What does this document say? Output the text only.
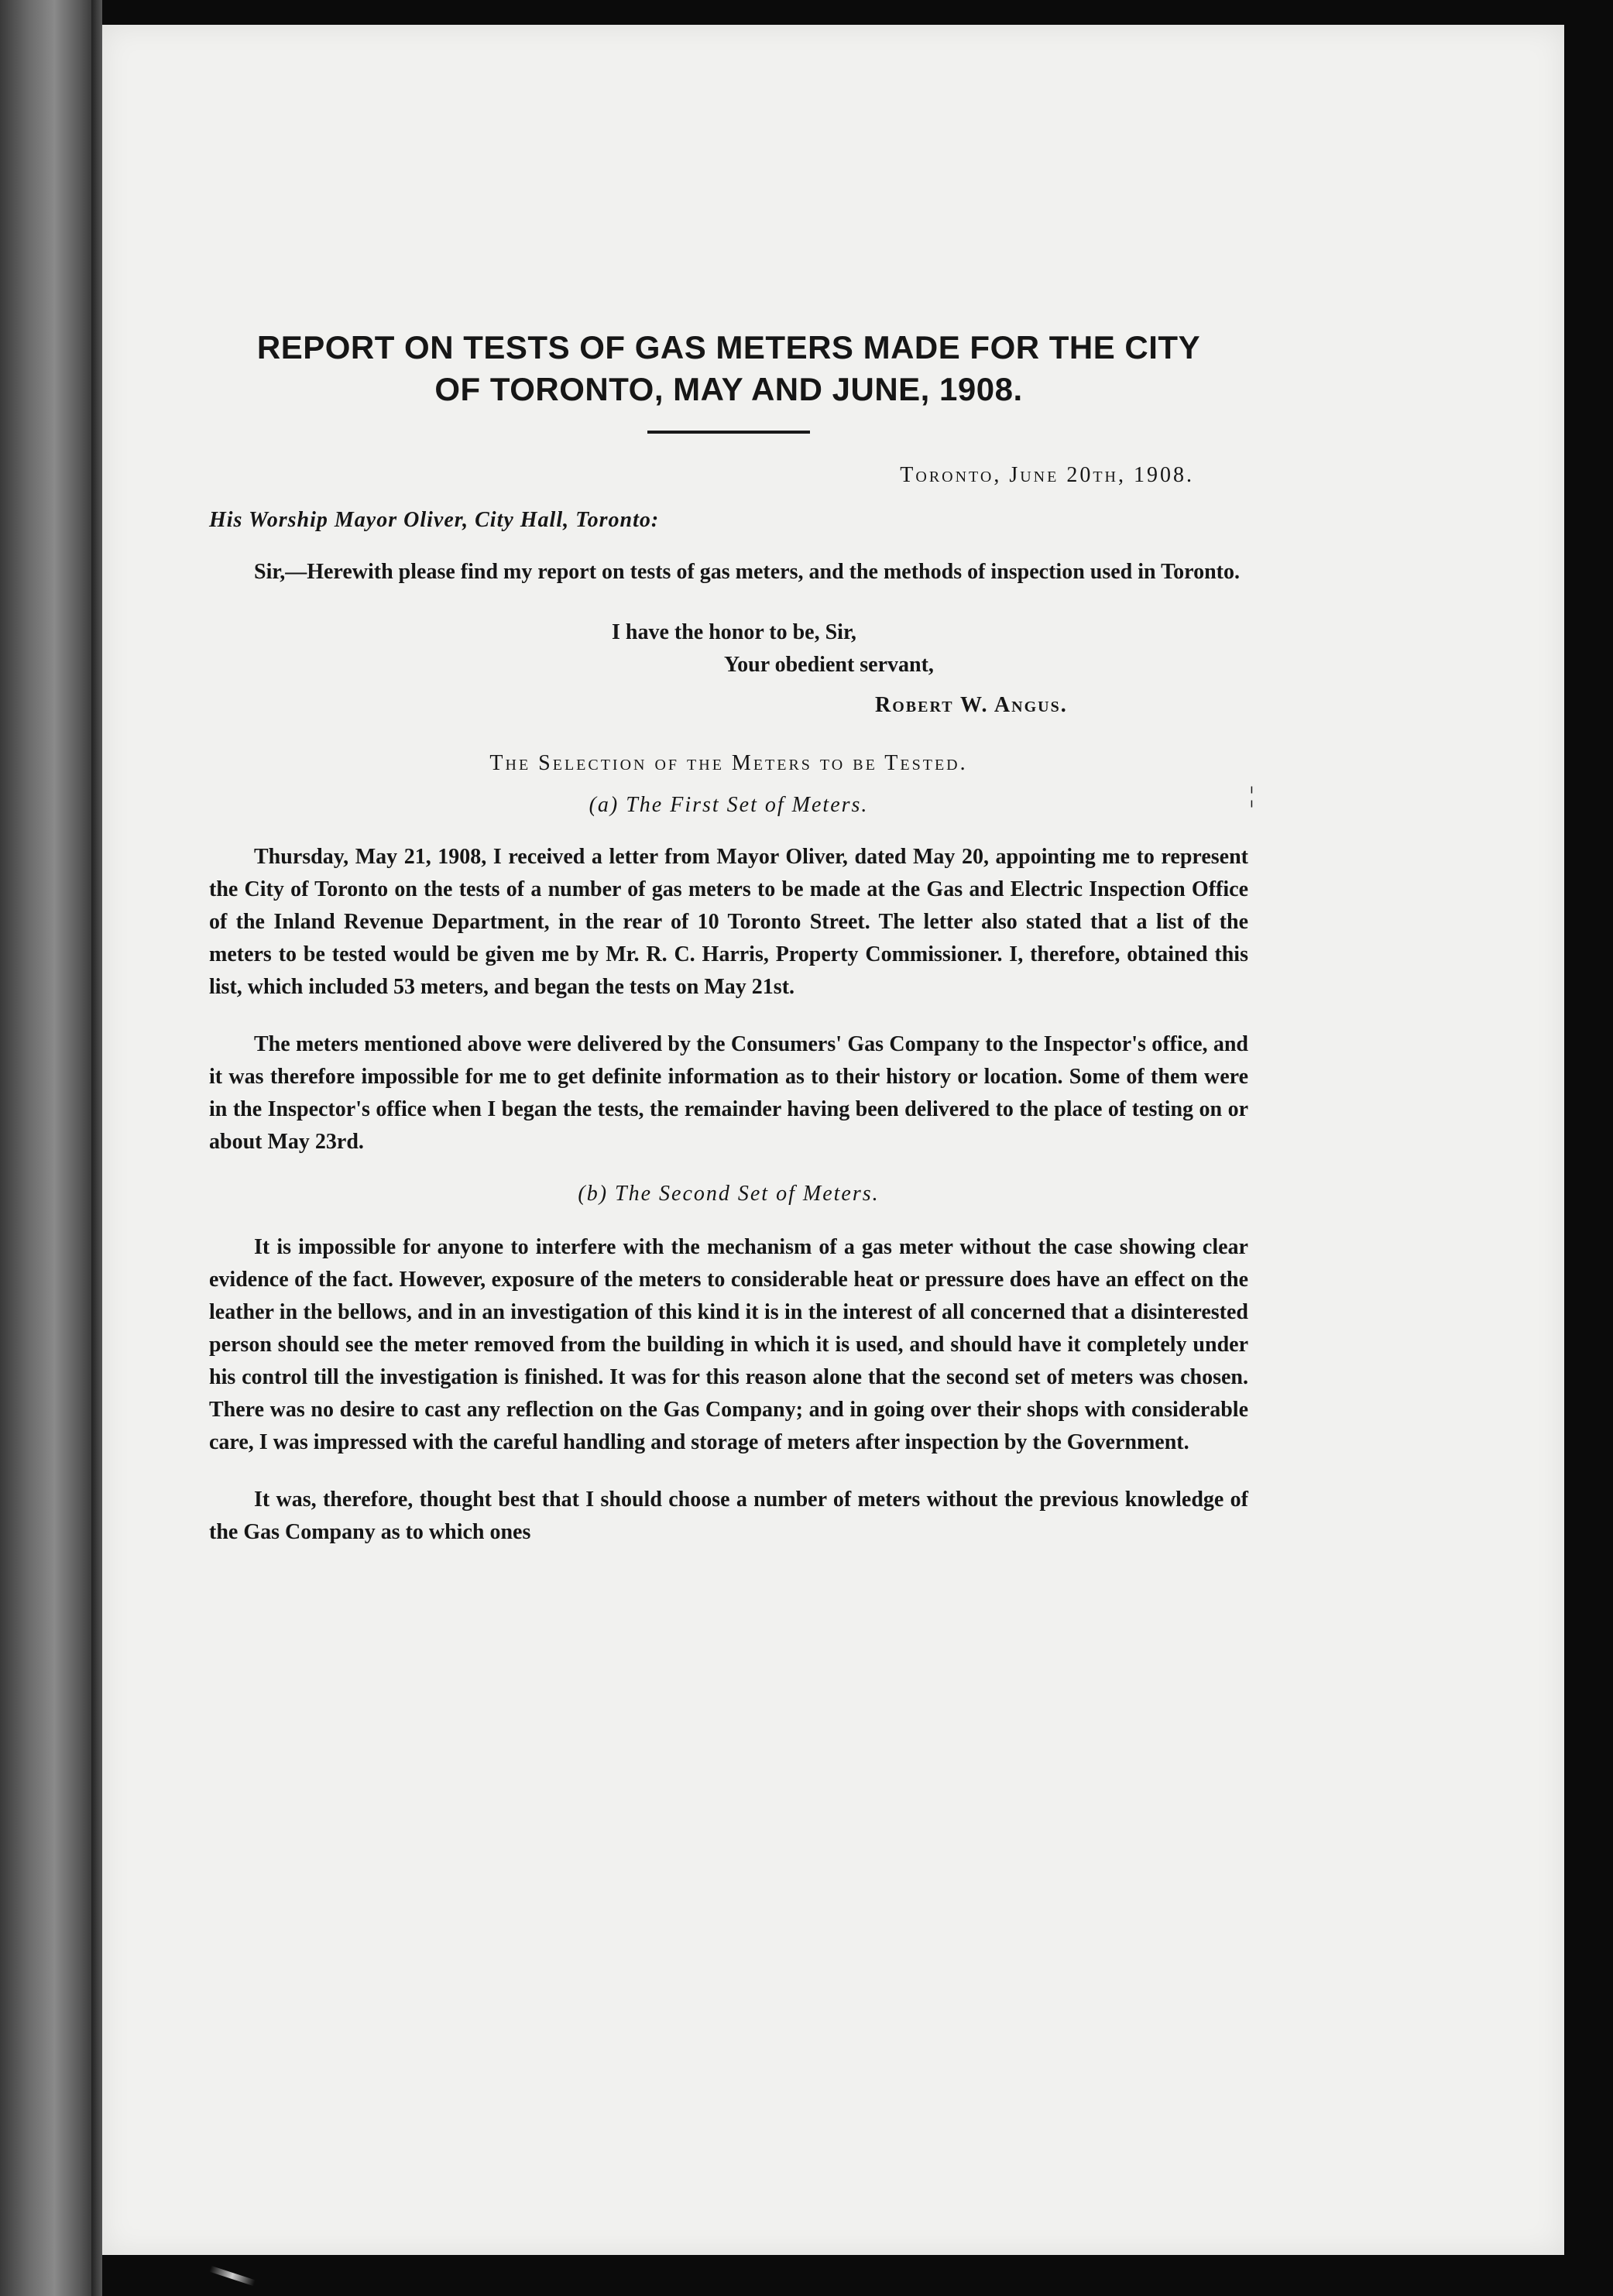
REPORT ON TESTS OF GAS METERS MADE FOR THE CITY
OF TORONTO, MAY AND JUNE, 1908.
Toronto, June 20th, 1908.
His Worship Mayor Oliver, City Hall, Toronto:

Sir,—Herewith please find my report on tests of gas meters, and the methods of inspection used in Toronto.

I have the honor to be, Sir,
Your obedient servant,
Robert W. Angus.
The Selection of the Meters to be Tested.
(a) The First Set of Meters.	¦

Thursday, May 21, 1908, I received a letter from Mayor Oliver, dated May 20, appointing me to represent the City of Toronto on the tests of a number of gas meters to be made at the Gas and Electric Inspection Office of the Inland Revenue Department, in the rear of 10 Toronto Street. The letter also stated that a list of the meters to be tested would be given me by Mr. R. C. Harris, Property Commissioner. I, therefore, obtained this list, which included 53 meters, and began the tests on May 21st.

The meters mentioned above were delivered by the Consumers' Gas Company to the Inspector's office, and it was therefore impossible for me to get definite information as to their history or location. Some of them were in the Inspector's office when I began the tests, the remainder having been delivered to the place of testing on or about May 23rd.

(b) The Second Set of Meters.

It is impossible for anyone to interfere with the mechanism of a gas meter without the case showing clear evidence of the fact. However, exposure of the meters to considerable heat or pressure does have an effect on the leather in the bellows, and in an investigation of this kind it is in the interest of all concerned that a disinterested person should see the meter removed from the building in which it is used, and should have it completely under his control till the investigation is finished. It was for this reason alone that the second set of meters was chosen. There was no desire to cast any reflection on the Gas Company; and in going over their shops with considerable care, I was impressed with the careful handling and storage of meters after inspection by the Government.

It was, therefore, thought best that I should choose a number of meters without the previous knowledge of the Gas Company as to which ones
